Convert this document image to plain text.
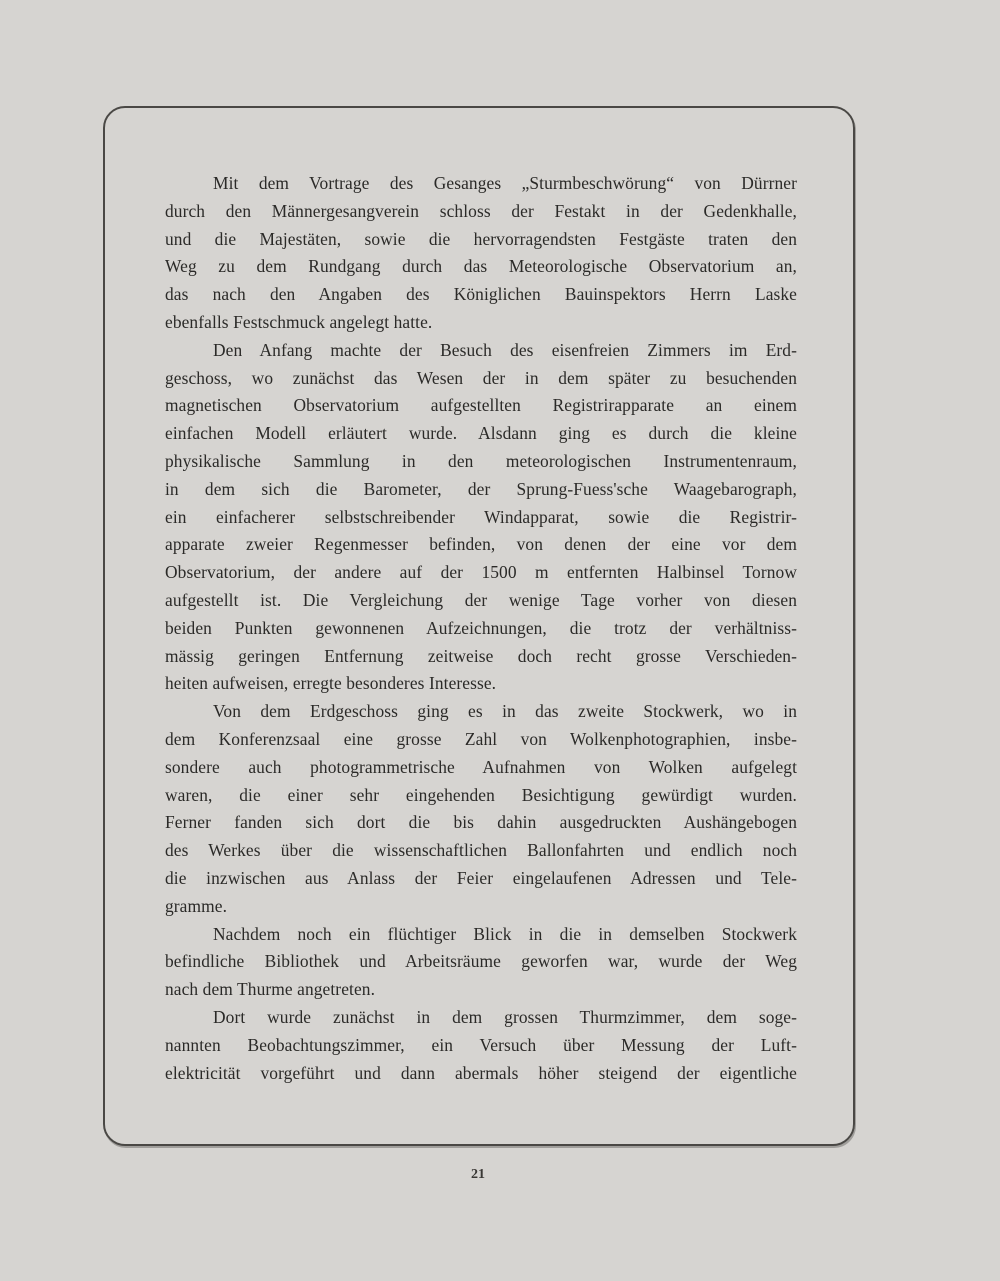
Mit dem Vortrage des Gesanges „Sturmbeschwörung“ von Dürrner
durch den Männergesangverein schloss der Festakt in der Gedenkhalle,
und die Majestäten, sowie die hervorragendsten Festgäste traten den
Weg zu dem Rundgang durch das Meteorologische Observatorium an,
das nach den Angaben des Königlichen Bauinspektors Herrn Laske
ebenfalls Festschmuck angelegt hatte.
Den Anfang machte der Besuch des eisenfreien Zimmers im Erd-
geschoss, wo zunächst das Wesen der in dem später zu besuchenden
magnetischen Observatorium aufgestellten Registrirapparate an einem
einfachen Modell erläutert wurde. Alsdann ging es durch die kleine
physikalische Sammlung in den meteorologischen Instrumentenraum,
in dem sich die Barometer, der Sprung-Fuess'sche Waagebarograph,
ein einfacherer selbstschreibender Windapparat, sowie die Registrir-
apparate zweier Regenmesser befinden, von denen der eine vor dem
Observatorium, der andere auf der 1500 m entfernten Halbinsel Tornow
aufgestellt ist. Die Vergleichung der wenige Tage vorher von diesen
beiden Punkten gewonnenen Aufzeichnungen, die trotz der verhältniss-
mässig geringen Entfernung zeitweise doch recht grosse Verschieden-
heiten aufweisen, erregte besonderes Interesse.
Von dem Erdgeschoss ging es in das zweite Stockwerk, wo in
dem Konferenzsaal eine grosse Zahl von Wolkenphotographien, insbe-
sondere auch photogrammetrische Aufnahmen von Wolken aufgelegt
waren, die einer sehr eingehenden Besichtigung gewürdigt wurden.
Ferner fanden sich dort die bis dahin ausgedruckten Aushängebogen
des Werkes über die wissenschaftlichen Ballonfahrten und endlich noch
die inzwischen aus Anlass der Feier eingelaufenen Adressen und Tele-
gramme.
Nachdem noch ein flüchtiger Blick in die in demselben Stockwerk
befindliche Bibliothek und Arbeitsräume geworfen war, wurde der Weg
nach dem Thurme angetreten.
Dort wurde zunächst in dem grossen Thurmzimmer, dem soge-
nannten Beobachtungszimmer, ein Versuch über Messung der Luft-
elektricität vorgeführt und dann abermals höher steigend der eigentliche
21
